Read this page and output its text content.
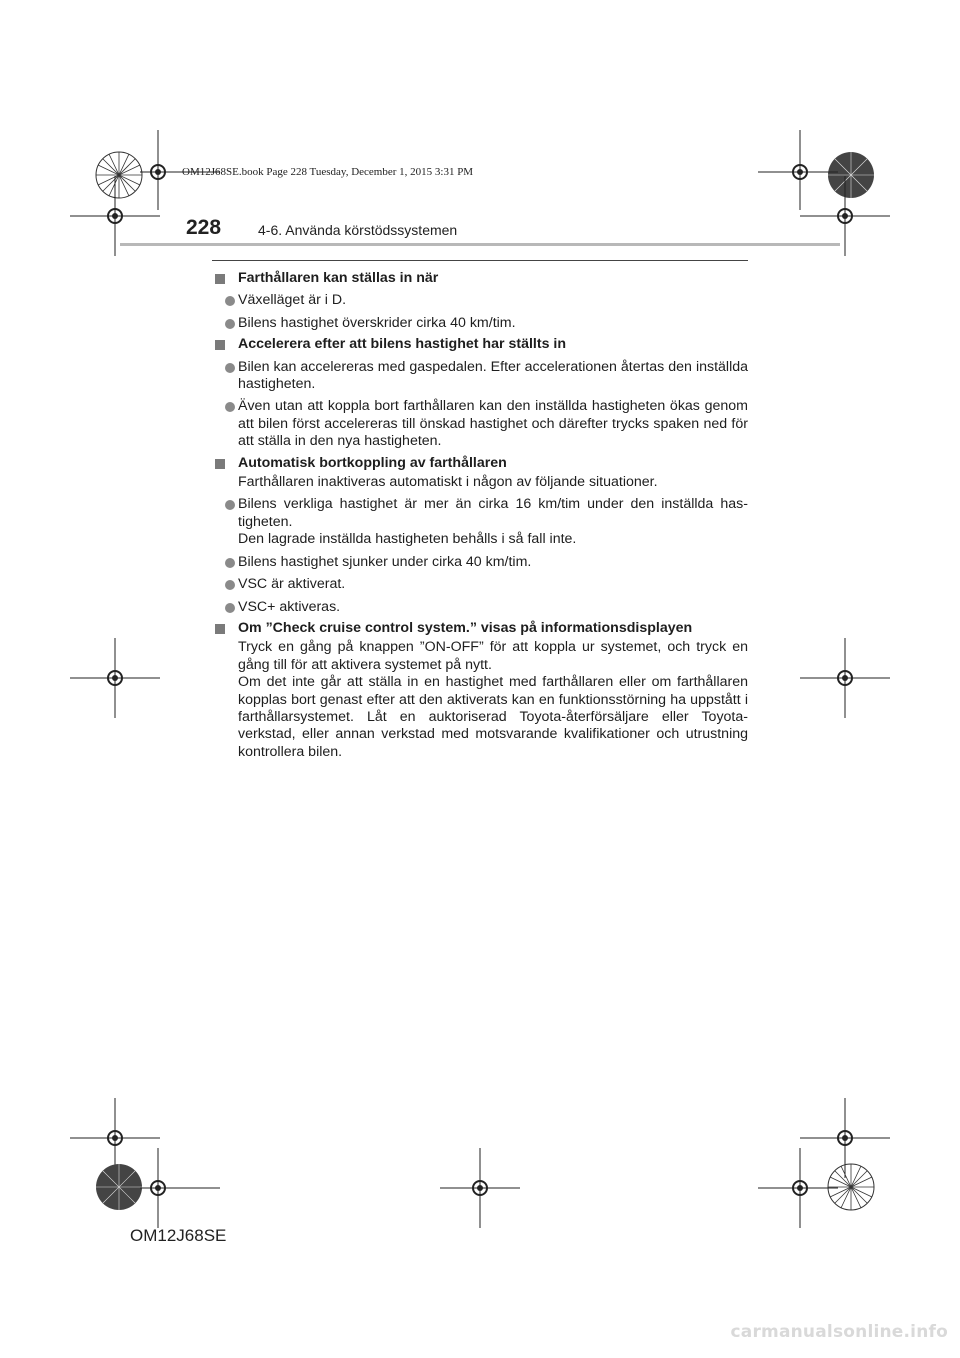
OM12J68SE.book Page 228 Tuesday, December 1, 2015 3:31 PM
228	4-6. Använda körstödssystemen
Farthållaren kan ställas in när
Växelläget är i D.
Bilens hastighet överskrider cirka 40 km/tim.
Accelerera efter att bilens hastighet har ställts in
Bilen kan accelereras med gaspedalen. Efter accelerationen återtas den inställda hastigheten.
Även utan att koppla bort farthållaren kan den inställda hastigheten ökas genom att bilen först accelereras till önskad hastighet och därefter trycks spaken ned för att ställa in den nya hastigheten.
Automatisk bortkoppling av farthållaren
Farthållaren inaktiveras automatiskt i någon av följande situationer.
Bilens verkliga hastighet är mer än cirka 16 km/tim under den inställda has-tigheten.
Den lagrade inställda hastigheten behålls i så fall inte.
Bilens hastighet sjunker under cirka 40 km/tim.
VSC är aktiverat.
VSC+ aktiveras.
Om ”Check cruise control system.” visas på informationsdisplayen
Tryck en gång på knappen ”ON-OFF” för att koppla ur systemet, och tryck en gång till för att aktivera systemet på nytt.
Om det inte går att ställa in en hastighet med farthållaren eller om farthållaren kopplas bort genast efter att den aktiverats kan en funktionsstörning ha uppstått i farthållarsystemet. Låt en auktoriserad Toyota-återförsäljare eller Toyota-verkstad, eller annan verkstad med motsvarande kvalifikationer och utrustning kontrollera bilen.
OM12J68SE
carmanualsonline.info
